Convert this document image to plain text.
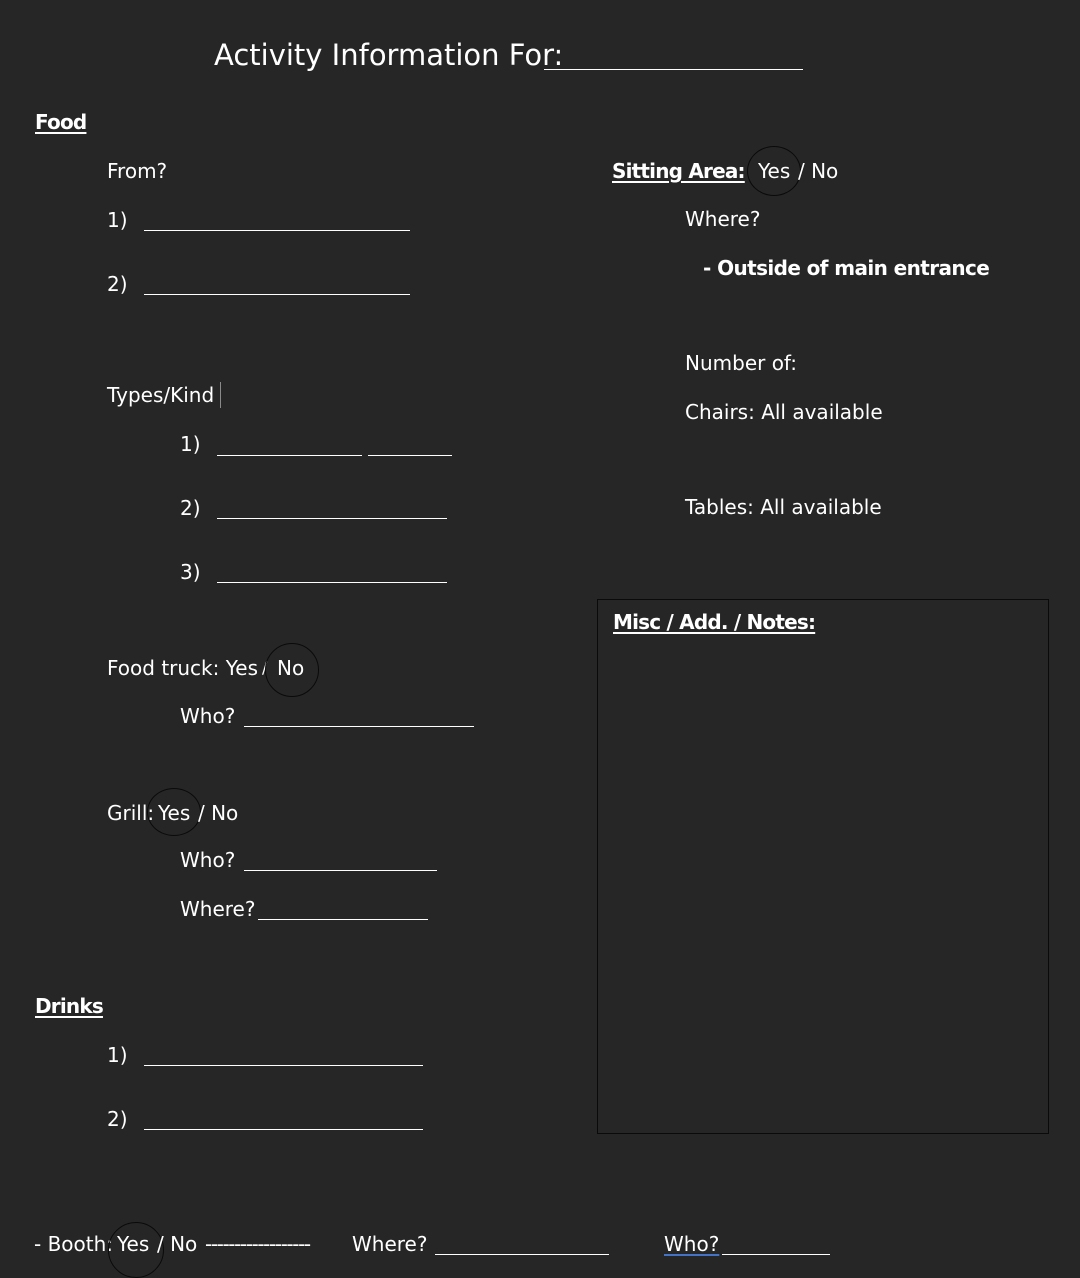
Activity Information For:
Food
From?
1)
2)
Types/Kind
1)
2)
3)
Food truck: Yes / No
Who?
Grill: Yes / No
Who?
Where?
Drinks
1)
2)
Sitting Area: Yes / No
Where?
- Outside of main entrance
Number of:
Chairs: All available
Tables: All available
Misc / Add. / Notes:
- Booth: Yes / No ------------------ Where?	Who?
